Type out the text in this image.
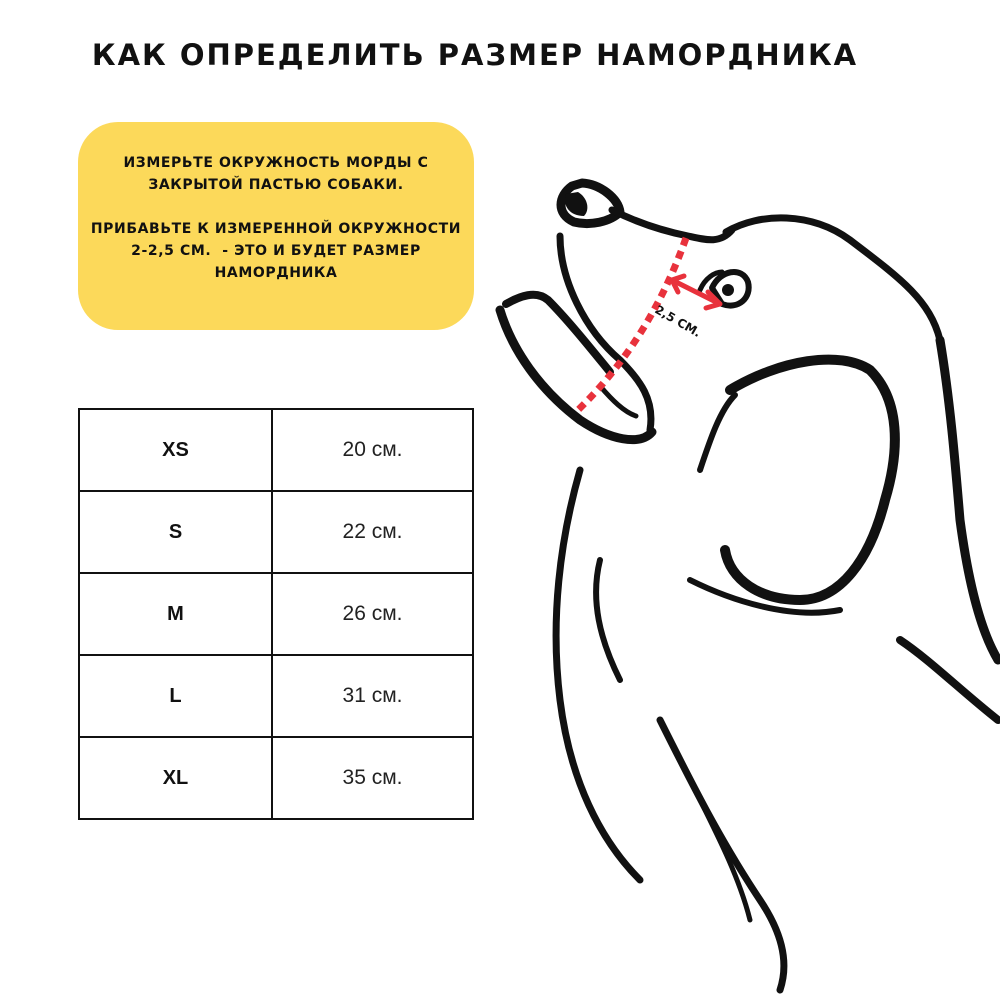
КАК ОПРЕДЕЛИТЬ РАЗМЕР НАМОРДНИКА
ИЗМЕРЬТЕ ОКРУЖНОСТЬ МОРДЫ С
ЗАКРЫТОЙ ПАСТЬЮ СОБАКИ.
ПРИБАВЬТЕ К ИЗМЕРЕННОЙ ОКРУЖНОСТИ
2-2,5 СМ.  - ЭТО И БУДЕТ РАЗМЕР
НАМОРДНИКА
XS	20 см.
S	22 см.
M	26 см.
L	31 см.
XL	35 см.
2,5 СМ.
